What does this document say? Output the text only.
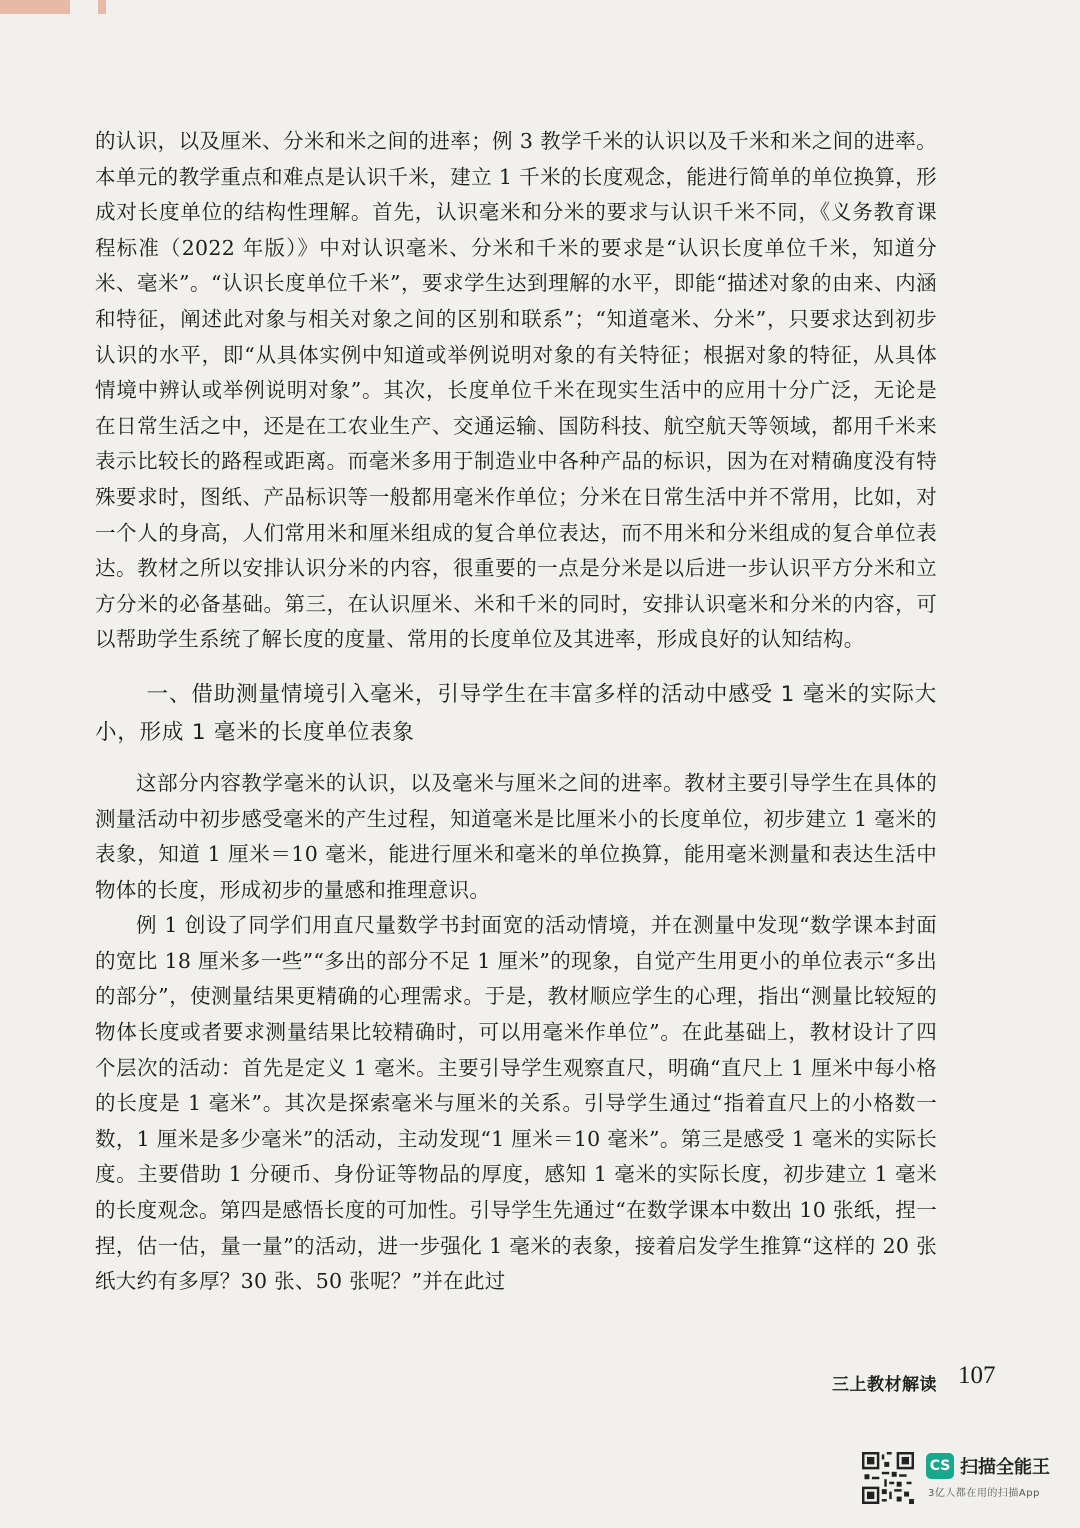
的认识，以及厘米、分米和米之间的进率；例 3 教学千米的认识以及千米和米之间的进率。本单元的教学重点和难点是认识千米，建立 1 千米的长度观念，能进行简单的单位换算，形成对长度单位的结构性理解。首先，认识毫米和分米的要求与认识千米不同，《义务教育课程标准（2022 年版）》中对认识毫米、分米和千米的要求是“认识长度单位千米，知道分米、毫米”。“认识长度单位千米”，要求学生达到理解的水平，即能“描述对象的由来、内涵和特征，阐述此对象与相关对象之间的区别和联系”；“知道毫米、分米”，只要求达到初步认识的水平，即“从具体实例中知道或举例说明对象的有关特征；根据对象的特征，从具体情境中辨认或举例说明对象”。其次，长度单位千米在现实生活中的应用十分广泛，无论是在日常生活之中，还是在工农业生产、交通运输、国防科技、航空航天等领域，都用千米来表示比较长的路程或距离。而毫米多用于制造业中各种产品的标识，因为在对精确度没有特殊要求时，图纸、产品标识等一般都用毫米作单位；分米在日常生活中并不常用，比如，对一个人的身高，人们常用米和厘米组成的复合单位表达，而不用米和分米组成的复合单位表达。教材之所以安排认识分米的内容，很重要的一点是分米是以后进一步认识平方分米和立方分米的必备基础。第三，在认识厘米、米和千米的同时，安排认识毫米和分米的内容，可以帮助学生系统了解长度的度量、常用的长度单位及其进率，形成良好的认知结构。

一、借助测量情境引入毫米，引导学生在丰富多样的活动中感受 1 毫米的实际大小，形成 1 毫米的长度单位表象

这部分内容教学毫米的认识，以及毫米与厘米之间的进率。教材主要引导学生在具体的测量活动中初步感受毫米的产生过程，知道毫米是比厘米小的长度单位，初步建立 1 毫米的表象，知道 1 厘米＝10 毫米，能进行厘米和毫米的单位换算，能用毫米测量和表达生活中物体的长度，形成初步的量感和推理意识。

例 1 创设了同学们用直尺量数学书封面宽的活动情境，并在测量中发现“数学课本封面的宽比 18 厘米多一些”“多出的部分不足 1 厘米”的现象，自觉产生用更小的单位表示“多出的部分”，使测量结果更精确的心理需求。于是，教材顺应学生的心理，指出“测量比较短的物体长度或者要求测量结果比较精确时，可以用毫米作单位”。在此基础上，教材设计了四个层次的活动：首先是定义 1 毫米。主要引导学生观察直尺，明确“直尺上 1 厘米中每小格的长度是 1 毫米”。其次是探索毫米与厘米的关系。引导学生通过“指着直尺上的小格数一数，1 厘米是多少毫米”的活动，主动发现“1 厘米＝10 毫米”。第三是感受 1 毫米的实际长度。主要借助 1 分硬币、身份证等物品的厚度，感知 1 毫米的实际长度，初步建立 1 毫米的长度观念。第四是感悟长度的可加性。引导学生先通过“在数学课本中数出 10 张纸，捏一捏，估一估，量一量”的活动，进一步强化 1 毫米的表象，接着启发学生推算“这样的 20 张纸大约有多厚？30 张、50 张呢？”并在此过

三上教材解读 107
CS 扫描全能王
3亿人都在用的扫描App
